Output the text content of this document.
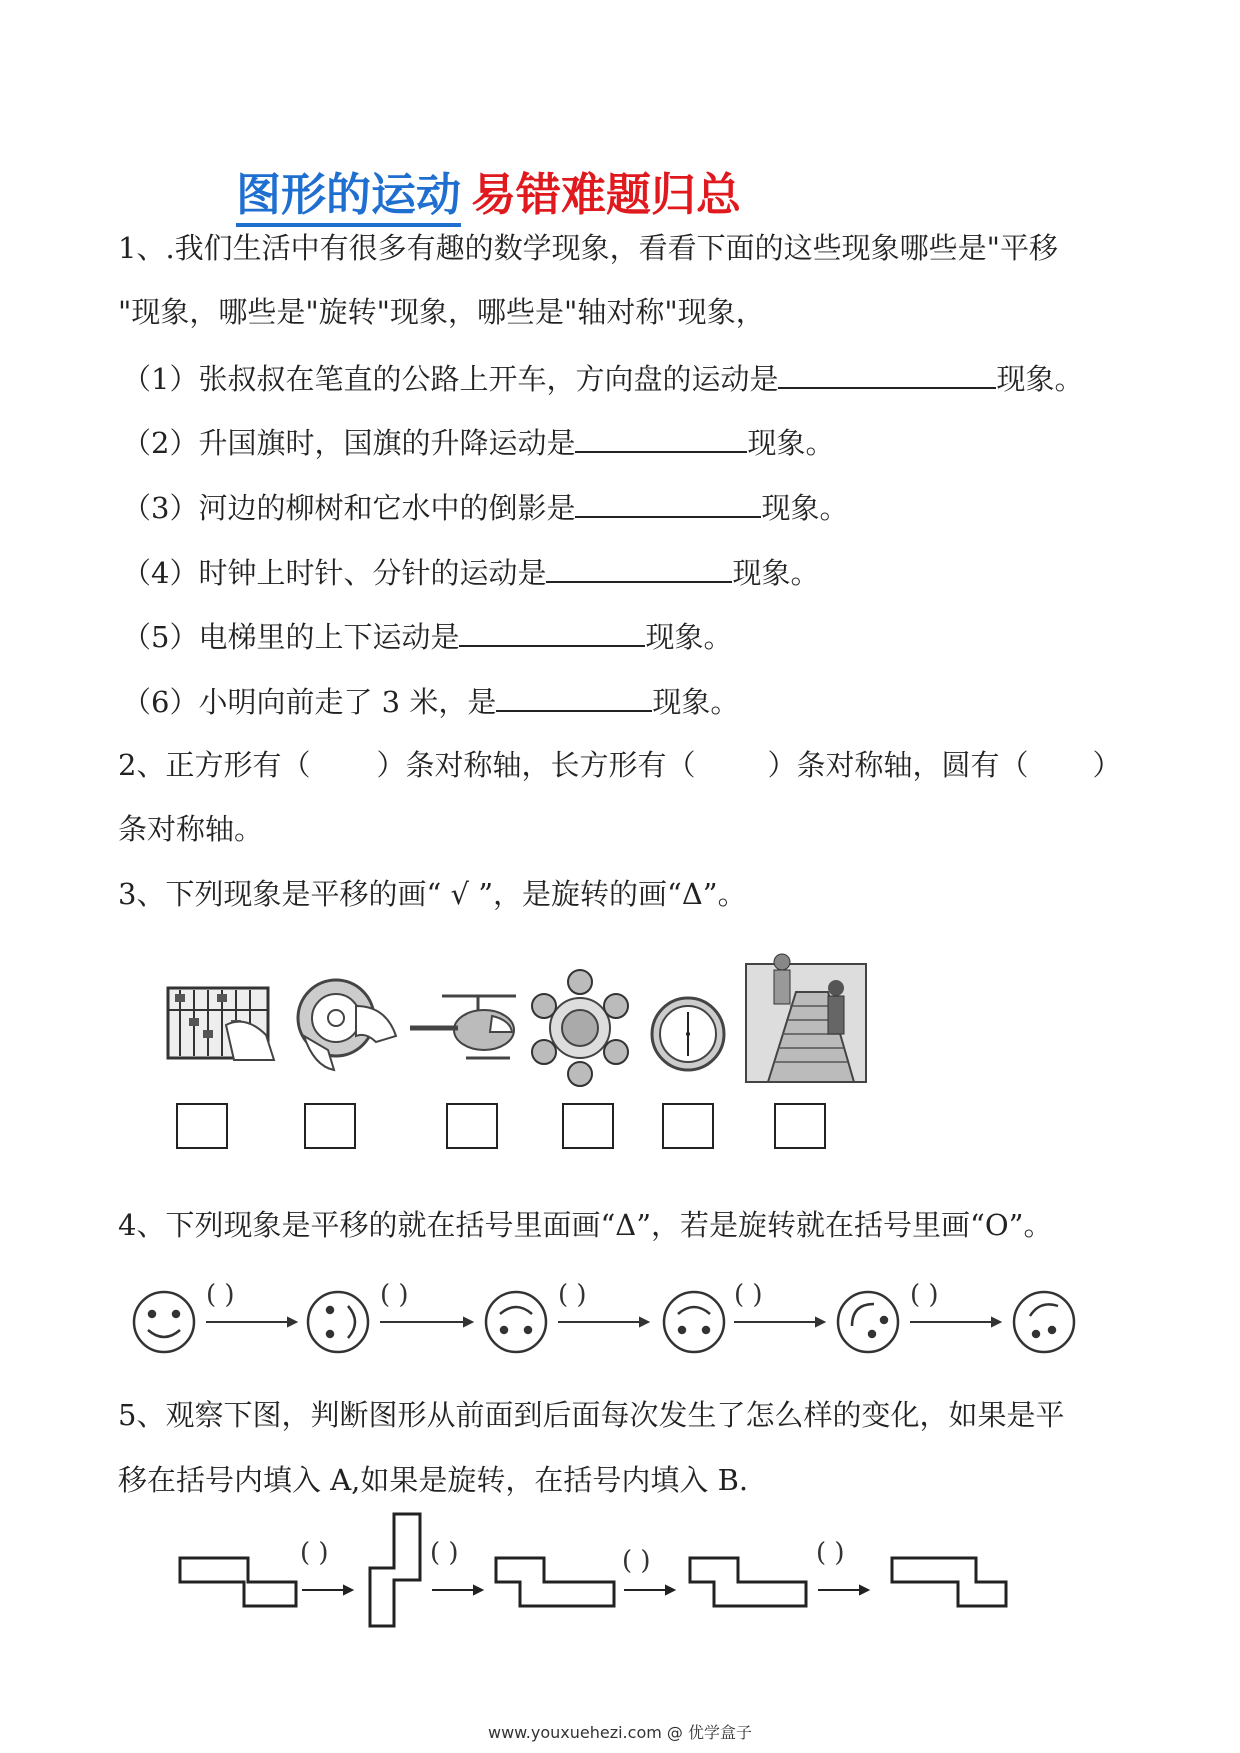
图形的运动 易错难题归总
1、.我们生活中有很多有趣的数学现象，看看下面的这些现象哪些是"平移
"现象，哪些是"旋转"现象，哪些是"轴对称"现象，
（1）张叔叔在笔直的公路上开车，方向盘的运动是	现象。
（2）升国旗时，国旗的升降运动是	现象。
（3）河边的柳树和它水中的倒影是	现象。
（4）时钟上时针、分针的运动是	现象。
（5）电梯里的上下运动是	现象。
（6）小明向前走了 3 米，是	现象。
2、正方形有（ ）条对称轴，长方形有（ ）条对称轴，圆有（ ）
条对称轴。
3、下列现象是平移的画“ √ ”，是旋转的画“Δ”。
4、下列现象是平移的就在括号里面画“Δ”，若是旋转就在括号里画“O”。
( )	( )	( )	( )	( )
5、观察下图，判断图形从前面到后面每次发生了怎么样的变化，如果是平
移在括号内填入 A,如果是旋转，在括号内填入 B.
( )	( )	( )	( )
www.youxuehezi.com @ 优学盒子
